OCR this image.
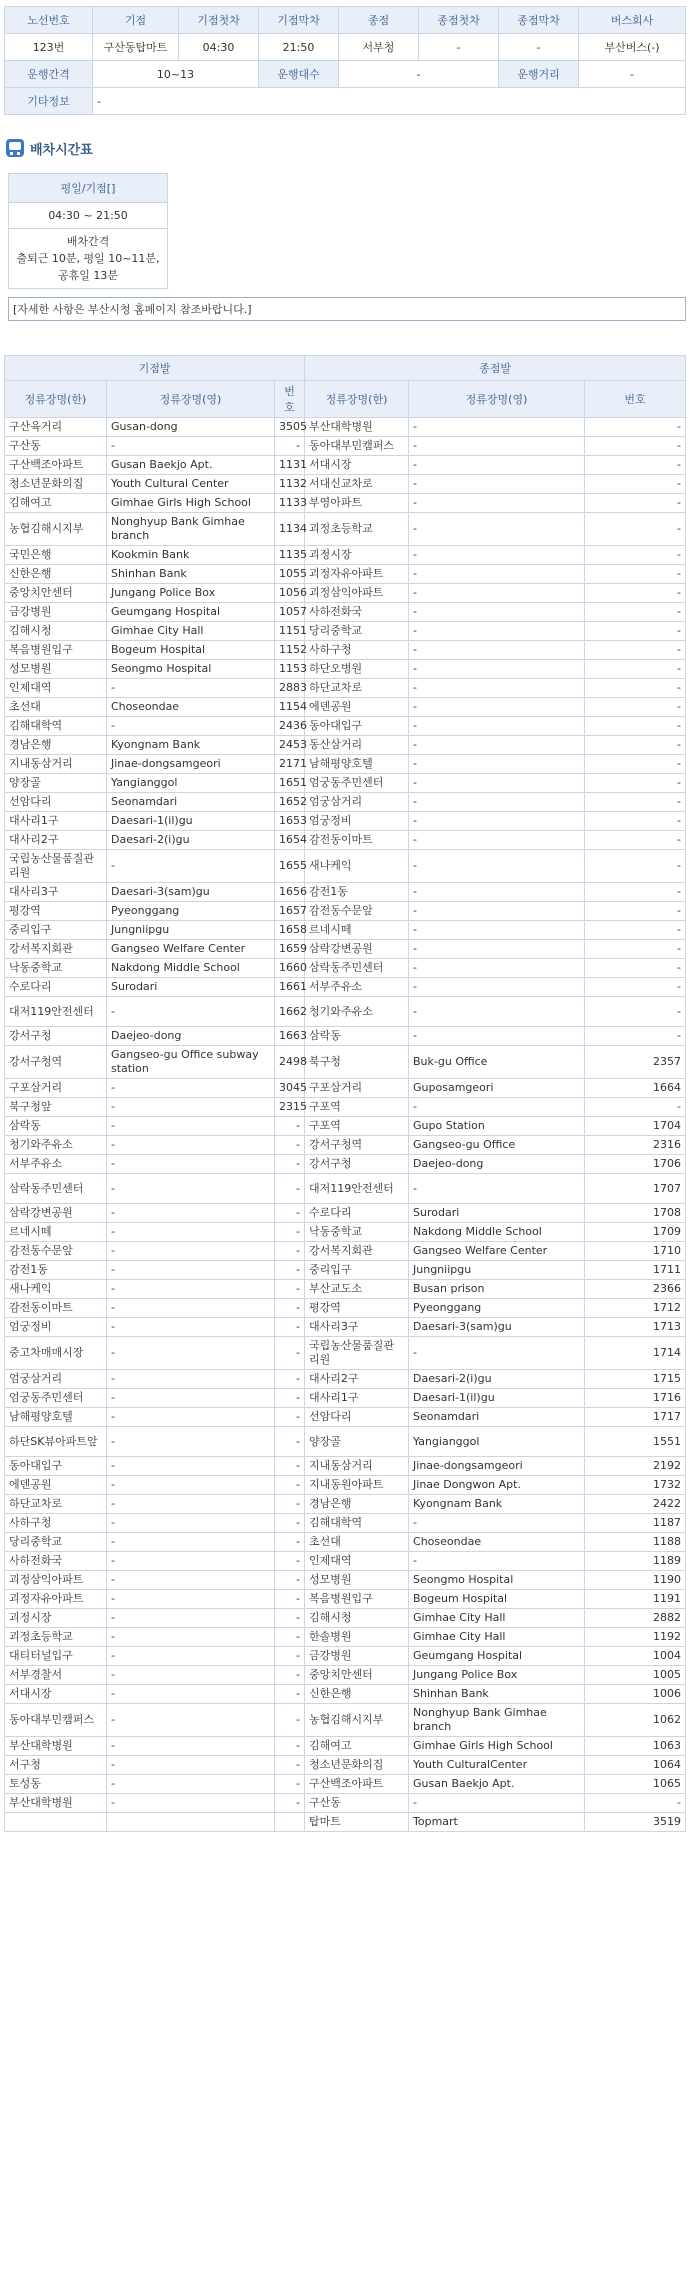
노선번호	기점	기점첫차	기점막차	종점	종점첫차	종점막차	버스회사
123번	구산동탑마트	04:30	21:50	서부청	-	-	부산버스(-)
운행간격	10~13		운행대수	-		운행거리	-
기타정보	-						
배차시간표
평일/기점[]
04:30 ~ 21:50

배차간격
출퇴근 10분, 평일 10~11분,
공휴일 13분
[자세한 사항은 부산시청 홈페이지 참조바랍니다.]
기점발			종점발		
정류장명(한)	정류장명(영)	번호	정류장명(한)	정류장명(영)	번호
구산육거리	Gusan-dong	3505	부산대학병원	-	-
구산동	-	-	동아대부민캠퍼스	-	-
구산백조아파트	Gusan Baekjo Apt.	1131	서대시장	-	-
청소년문화의집	Youth Cultural Center	1132	서대신교차로	-	-
김해여고	Gimhae Girls High School	1133	부영아파트	-	-
농협김해시지부	Nonghyup Bank Gimhae branch	1134	괴정초등학교	-	-
국민은행	Kookmin Bank	1135	괴정시장	-	-
신한은행	Shinhan Bank	1055	괴정자유아파트	-	-
중앙치안센터	Jungang Police Box	1056	괴정삼익아파트	-	-
금강병원	Geumgang Hospital	1057	사하전화국	-	-
김해시청	Gimhae City Hall	1151	당리중학교	-	-
복음병원입구	Bogeum Hospital	1152	사하구청	-	-
성모병원	Seongmo Hospital	1153	하단오병원	-	-
인제대역	-	2883	하단교차로	-	-
초선대	Choseondae	1154	에덴공원	-	-
김해대학역	-	2436	동아대입구	-	-
경남은행	Kyongnam Bank	2453	동산삼거리	-	-
지내동삼거리	Jinae-dongsamgeori	2171	남해평양호텔	-	-
양장골	Yangianggol	1651	엄궁동주민센터	-	-
선암다리	Seonamdari	1652	엄궁삼거리	-	-
대사리1구	Daesari-1(il)gu	1653	엄궁정비	-	-
대사리2구	Daesari-2(i)gu	1654	감전동이마트	-	-
국립농산물품질관리원	-	1655	새나케익	-	-
대사리3구	Daesari-3(sam)gu	1656	감전1동	-	-
평강역	Pyeonggang	1657	감전동수문앞	-	-
중리입구	Jungniipgu	1658	르네시떼	-	-
강서복지회관	Gangseo Welfare Center	1659	삼락강변공원	-	-
낙동중학교	Nakdong Middle School	1660	삼락동주민센터	-	-
수로다리	Surodari	1661	서부주유소	-	-
대저119안전센터	-	1662	청기와주유소	-	-
강서구청	Daejeo-dong	1663	삼락동	-	-
강서구청역	Gangseo-gu Office subway station	2498	북구청	Buk-gu Office	2357
구포삼거리	-	3045	구포삼거리	Guposamgeori	1664
북구청앞	-	2315	구포역	-	-
삼락동	-	-	구포역	Gupo Station	1704
청기와주유소	-	-	강서구청역	Gangseo-gu Office	2316
서부주유소	-	-	강서구청	Daejeo-dong	1706
삼락동주민센터	-	-	대저119안전센터	-	1707
삼락강변공원	-	-	수로다리	Surodari	1708
르네시떼	-	-	낙동중학교	Nakdong Middle School	1709
감전동수문앞	-	-	강서복지회관	Gangseo Welfare Center	1710
감전1동	-	-	중리입구	Jungniipgu	1711
새나케익	-	-	부산교도소	Busan prison	2366
감전동이마트	-	-	평강역	Pyeonggang	1712
엄궁정비	-	-	대사리3구	Daesari-3(sam)gu	1713
중고차매매시장	-	-	국립농산물품질관리원	-	1714
엄궁삼거리	-	-	대사리2구	Daesari-2(i)gu	1715
엄궁동주민센터	-	-	대사리1구	Daesari-1(il)gu	1716
남해평양호텔	-	-	선암다리	Seonamdari	1717
하단SK뷰아파트앞	-	-	양장골	Yangianggol	1551
동아대입구	-	-	지내동삼거리	Jinae-dongsamgeori	2192
에덴공원	-	-	지내동원아파트	Jinae Dongwon Apt.	1732
하단교차로	-	-	경남은행	Kyongnam Bank	2422
사하구청	-	-	김해대학역	-	1187
당리중학교	-	-	초선대	Choseondae	1188
사하전화국	-	-	인제대역	-	1189
괴정삼익아파트	-	-	성모병원	Seongmo Hospital	1190
괴정자유아파트	-	-	복음병원입구	Bogeum Hospital	1191
괴정시장	-	-	김해시청	Gimhae City Hall	2882
괴정초등학교	-	-	한솔병원	Gimhae City Hall	1192
대티터널입구	-	-	금강병원	Geumgang Hospital	1004
서부경찰서	-	-	중앙치안센터	Jungang Police Box	1005
서대시장	-	-	신한은행	Shinhan Bank	1006
동아대부민캠퍼스	-	-	농협김해시지부	Nonghyup Bank Gimhae branch	1062
부산대학병원	-	-	김해여고	Gimhae Girls High School	1063
서구청	-	-	청소년문화의집	Youth CulturalCenter	1064
토성동	-	-	구산백조아파트	Gusan Baekjo Apt.	1065
부산대학병원	-	-	구산동	-	-
			탑마트	Topmart	3519
